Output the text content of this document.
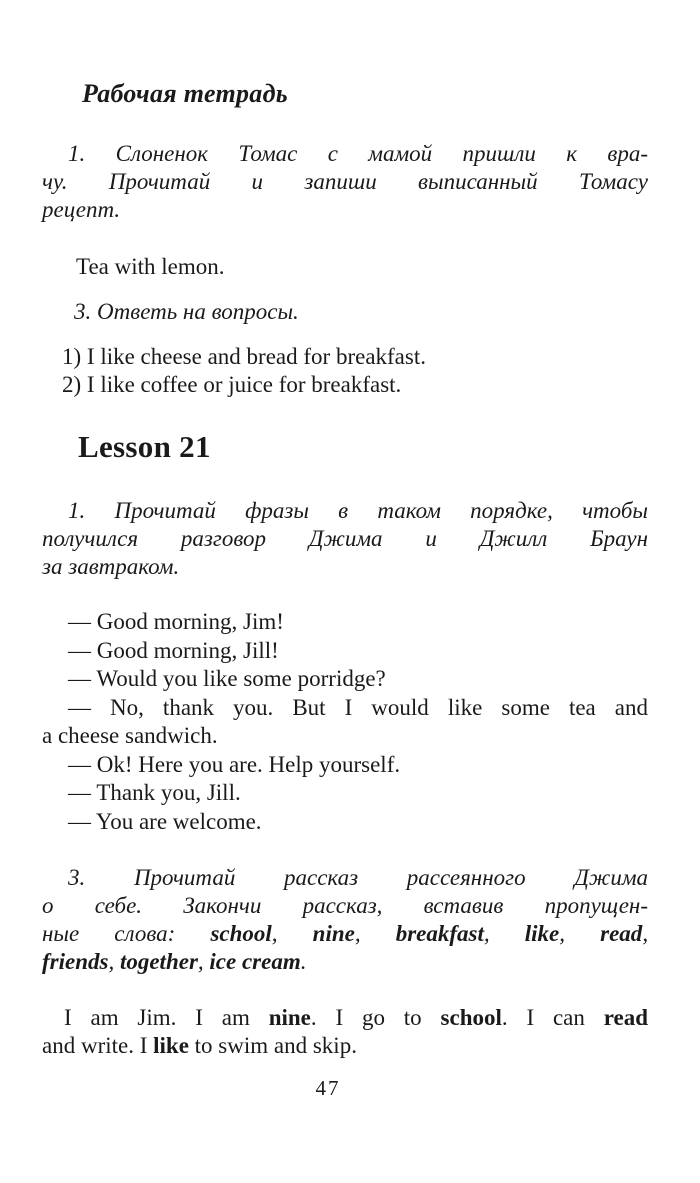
Рабочая тетрадь
1. Слоненок Томас с мамой пришли к вра-
чу. Прочитай и запиши выписанный Томасу
рецепт.
Tea with lemon.
3. Ответь на вопросы.
1) I like cheese and bread for breakfast.
2) I like coffee or juice for breakfast.
Lesson 21
1. Прочитай фразы в таком порядке, чтобы
получился разговор Джима и Джилл Браун
за завтраком.
— Good morning, Jim!
— Good morning, Jill!
— Would you like some porridge?
— No, thank you. But I would like some tea and
a cheese sandwich.
— Ok! Here you are. Help yourself.
— Thank you, Jill.
— You are welcome.
3. Прочитай рассказ рассеянного Джима
о себе. Закончи рассказ, вставив пропущен-
ные слова: school, nine, breakfast, like, read,
friends, together, ice cream.
I am Jim. I am nine. I go to school. I can read
and write. I like to swim and skip.
47
